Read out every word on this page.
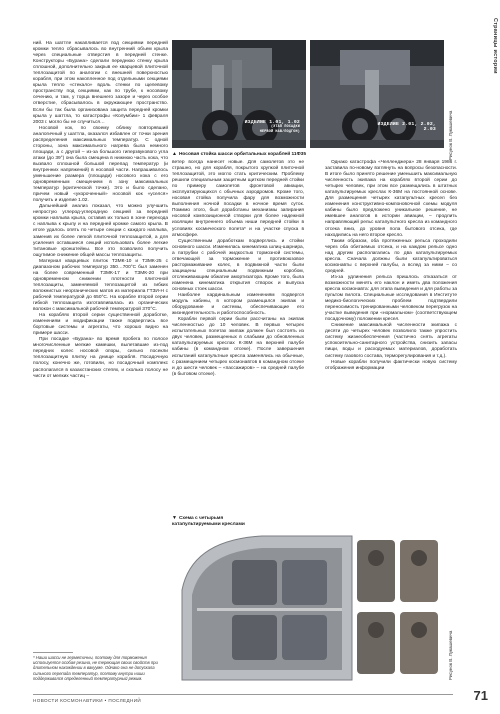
ний. На шаттле накапливается под секциями передней кромки тепло сбрасывалось во внутренний объем крыла через специальные отверстия в передней стенке. Конструкторы «Бурана» сделали переднюю стенку крыла сплошной, дополнительно закрыв ее кварцевой плиточной теплозащитой по аналогии с внешней поверхностью корабля, при этом накопленное под отдельными секциями крыла тепло «стекало» вдоль стенки по щелевому пространству под секциями, как по трубе, к носовому сечению, и там, у торца внешнего зазоре и через особое отверстие, сбрасывалось в окружающее пространство. Если бы так была организована защита передней кромки крыла у шаттла, то катастрофы «Колумбии» 1 февраля 2003 г. могло бы не случиться…

Носовой кок, по своему облику повторявший аналогичный у шаттла, оказался избавлен от точки зрения распределения максимальных температур. С одной стороны, зона максимального нагрева была немного площади, а с другой – из-за большого гиперзвукового угла атаки (до 39°) она была смещена в нижнюю часть кока, что вызвало сплошной большой перепад температур (и внутренних напряжений) в носовой части. Напрашивалось уменьшение размера (площади) носового кока с его одновременным смещением в зону максимальных температур (критической точке). Это и было сделано, причем новый «укороченный» носовой кок «уселся» получить и изделие 1.02.

Дальнейший анализ показал, что можно улучшить непростую углерод-углеродную секцией за передней кромки наплыва крыла, оставив их только в зоне перехода с наплыва к крылу и на передней кромке самого крыла. В итоге удалось опять по четыре секции с каждого наплыва, заменив их более легкой плиточной теплозащитой, а для усиления оставшиеся секций использовать более легкие титановые кронштейны. Все это позволило получить ощутимое снижение общей массы теплозащиты.

Материал кварцевых плиток ТЗМК-10 и ТЗМК-25 с диапазоном рабочих температур 350…700°C был заменен на более современный ТЗМК-17 и ТЗМК-20 при одновременном снижении плотности плиточной теплозащиты, заменяемой теплозащитой из гибких волокнистых неорганических матов из материала ГТЗИ-Н с рабочей температурой до 650°C. На корабле второй серии гибкой теплозащита изготавливалась из органических волокон с максимальной рабочей температурой 370°C.

На кораблях второй серии существенной доработке, изменениям и модификации также подверглись все бортовые системы и агрегаты, что хорошо видно на примере шасси.

При посадке «Бурана» во время пробега по полосе многочисленные мелкие камешки, вылетавшие из-под передних колес носовой опоры, сильно посекли теплозащитную плитку на днище корабля. Посадочную полосу, конечно же, готовили, но посадочный комплекс располагался в казахстанских степях, и сколько полосу не чисти от мелких частиц –

* Наши шасси не герметичны, поэтому для торможения используется особая резина, не теряющая своих свойств при длительном нахождении в вакууме. Однако она не допускала сильного перепада температур, поэтому внутри ниши поддерживался определенный температурный режим.

ИЗДЕЛИЕ 1.01, 1.02
(ЭТАП ПОСАДКИ
НЕРВОЙ НАВ/ПОДГОН)
ИЗДЕЛИЕ 2.01, 2.02,
2.03

▲ Носовая стойка шасси орбитальных кораблей 11Ф35	Рисунок В. Лукашевича
Страницы истории

ветер всегда нанесет новые. Для самолетов это не страшно, но для корабля, покрытого хрупкой плиточной теплозащитой, это могло стать критическим. Проблему решили специальным защитным щитком передней стойки по примеру самолетов фронтовой авиации, эксплуатирующихся с обычных аэродромов. Кроме того, носовая стойка получила фару для возможности выполнения ночной посадки в ночное время суток. Помимо этого, был доработаны механизмы запирания носовой композиционной створки для более надежной изоляции внутреннего объема ниши передней стойки в условиях космического полета* и на участке спуска в атмосфере.

Существенным доработкам подверглись и стойки основного шасси. Изменилась кинематика шлиц-шарнира, а патрубки с рабочей жидкостью тормозной системы, отвечающей за торможение и противоюзовое растормаживание колес, в подвижной части были защищены специальным подвижным коробом, отслеживающим обжатие амортизатора. Кроме того, была изменена кинематика открытия створок и выпуска основных стоек шасси.

Наиболее кардинальным изменениям подвергся модуль кабины, в котором размещался экипаж и оборудование и системы, обеспечивающие его жизнедеятельность и работоспособность.

Корабли первой серии были рассчитаны на экипаж численностью до 10 человек. В первых четырех испытательных полетах экипаж должен был состоять из двух человек, размещенных в слабыми до обновленных катапультируемых креслах К-36М на верхней палубе кабины (в командном отсеке). После завершения испытаний катапультные кресла заменялись на обычные, с размещением четырех космонавтов в командном отсеке и до шести человек – «пассажиров» – на средней палубе (в бытовом отсеке).

Однако катастрофа «Челленджера» 28 января 1986 г. заставила по-новому взглянуть на вопросы безопасности. В итоге было принято решение уменьшить максимальную численность экипажа на кораблях второй серии до четырех человек, при этом все размещались в штатных катапультируемых креслах К-36М на постоянной основе. Для размещения четырех катапультных кресел без изменения конструктивно-компоновочной схемы модуля кабины было предложено уникальное решение, не имевшее аналогов в истории авиации, – продлить направляющий рельс катапультного кресла из командного отсека вниз, до уровня пола бытового отсека, где находились на него второе кресло.

Таким образом, оба протяженных рельса проходили через оба обитаемых отсека, и на каждом рельсе одно над другим располагались по два катапультируемых кресла. Сначала должны были катапультироваться космонавты с верхней палубы, а вслед за ними – со средней.

Из-за удлинения рельса пришлось отказаться от возможности менять его наклон и иметь два положения кресла космонавта: для этапа выведения и для работы за пультом пилота. Специальные исследования в Институте медико-биологических проблем подтвердили переносимость тренированными человеком перегрузок на участке выведения при «нормальном» (соответствующем посадочному) положении кресел.

Снижение максимальной численности экипажа с десяти до четырех человек позволило также упростить систему жизнеобеспечения (частично снять агрегаты успокоительно-санитарного устройства, снизить запасы пищи, воды и расходуемых материалов, доработать систему газового состава, терморегулирования и т.д.).

Новые корабли получили фактически новую систему отображения информации

▼ Схема с четырьмя
катапультируемыми креслами

Рисунок В. Лукашевича
НОВОСТИ КОСМОНАВТИКИ • ПОСЛЕДНИЙ	71
